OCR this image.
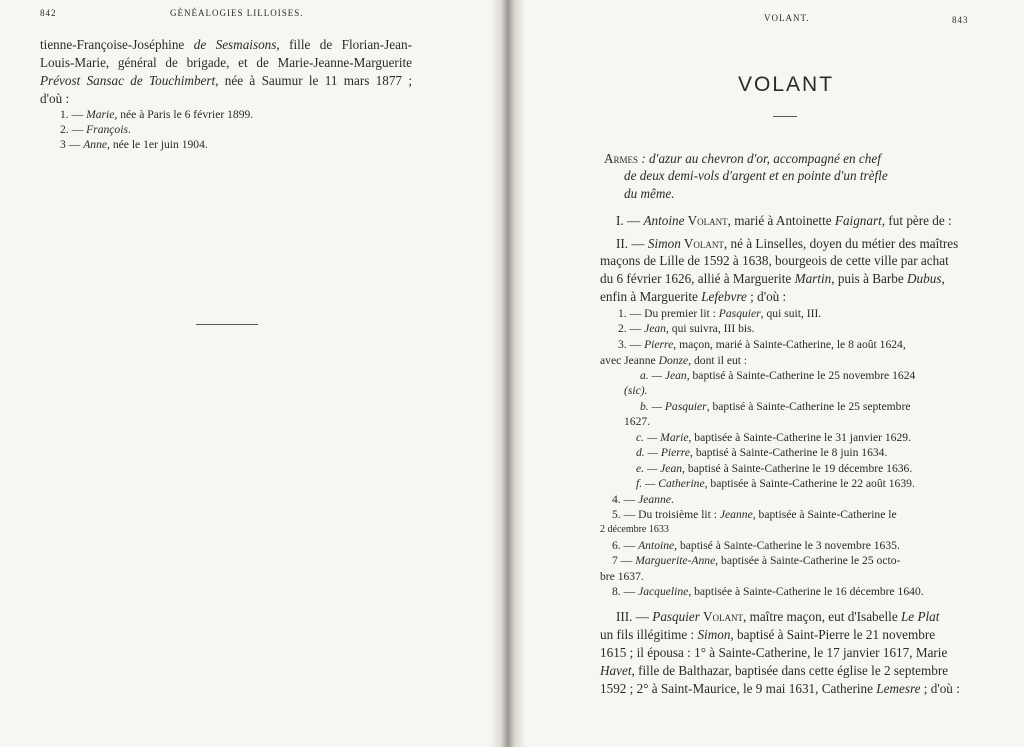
842	GÉNÉALOGIES LILLOISES.
tienne-Françoise-Joséphine de Sesmaisons, fille de Florian-Jean-
Louis-Marie, général de brigade, et de Marie-Jeanne-Marguerite
Prévost Sansac de Touchimbert, née à Saumur le 11 mars 1877 ;
d'où :
1. — Marie, née à Paris le 6 février 1899.
2. — François.
3 — Anne, née le 1er juin 1904.
VOLANT.	843
VOLANT
Armes : d'azur au chevron d'or, accompagné en chef
de deux demi-vols d'argent et en pointe d'un trèfle
du même.
I. — Antoine Volant, marié à Antoinette Faignart, fut père de :
II. — Simon Volant, né à Linselles, doyen du métier des maîtres
maçons de Lille de 1592 à 1638, bourgeois de cette ville par achat
du 6 février 1626, allié à Marguerite Martin, puis à Barbe Dubus,
enfin à Marguerite Lefebvre ; d'où :
1. — Du premier lit : Pasquier, qui suit, III.
2. — Jean, qui suivra, III bis.
3. — Pierre, maçon, marié à Sainte-Catherine, le 8 août 1624,
avec Jeanne Donze, dont il eut :
a. — Jean, baptisé à Sainte-Catherine le 25 novembre 1624
(sic).
b. — Pasquier, baptisé à Sainte-Catherine le 25 septembre
1627.
c. — Marie, baptisée à Sainte-Catherine le 31 janvier 1629.
d. — Pierre, baptisé à Sainte-Catherine le 8 juin 1634.
e. — Jean, baptisé à Sainte-Catherine le 19 décembre 1636.
f. — Catherine, baptisée à Sainte-Catherine le 22 août 1639.
4. — Jeanne.
5. — Du troisième lit : Jeanne, baptisée à Sainte-Catherine le
2 décembre 1633
6. — Antoine, baptisé à Sainte-Catherine le 3 novembre 1635.
7 — Marguerite-Anne, baptisée à Sainte-Catherine le 25 octo-
bre 1637.
8. — Jacqueline, baptisée à Sainte-Catherine le 16 décembre 1640.
III. — Pasquier Volant, maître maçon, eut d'Isabelle Le Plat
un fils illégitime : Simon, baptisé à Saint-Pierre le 21 novembre
1615 ; il épousa : 1° à Sainte-Catherine, le 17 janvier 1617, Marie
Havet, fille de Balthazar, baptisée dans cette église le 2 septembre
1592 ; 2° à Saint-Maurice, le 9 mai 1631, Catherine Lemesre ; d'où :
